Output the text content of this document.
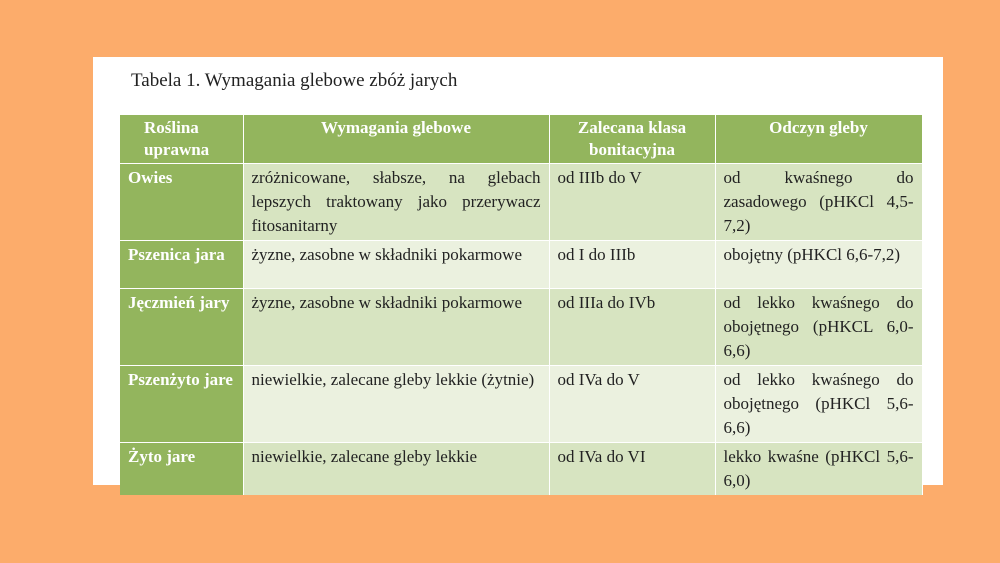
Tabela 1. Wymagania glebowe zbóż jarych
Roślina uprawna	Wymagania glebowe	Zalecana klasa bonitacyjna	Odczyn gleby
Owies	zróżnicowane, słabsze, na glebach lepszych traktowany jako przerywacz fitosanitarny	od IIIb do V	od kwaśnego do zasadowego (pHKCl 4,5-7,2)
Pszenica jara	żyzne, zasobne w składniki pokarmowe	od I do IIIb	obojętny (pHKCl 6,6-7,2)
Jęczmień jary	żyzne, zasobne w składniki pokarmowe	od IIIa do IVb	od lekko kwaśnego do obojętnego (pHKCL 6,0-6,6)
Pszenżyto jare	niewielkie, zalecane gleby lekkie (żytnie)	od IVa do V	od lekko kwaśnego do obojętnego (pHKCl 5,6-6,6)
Żyto jare	niewielkie, zalecane gleby lekkie	od IVa do VI	lekko kwaśne (pHKCl 5,6-6,0)
